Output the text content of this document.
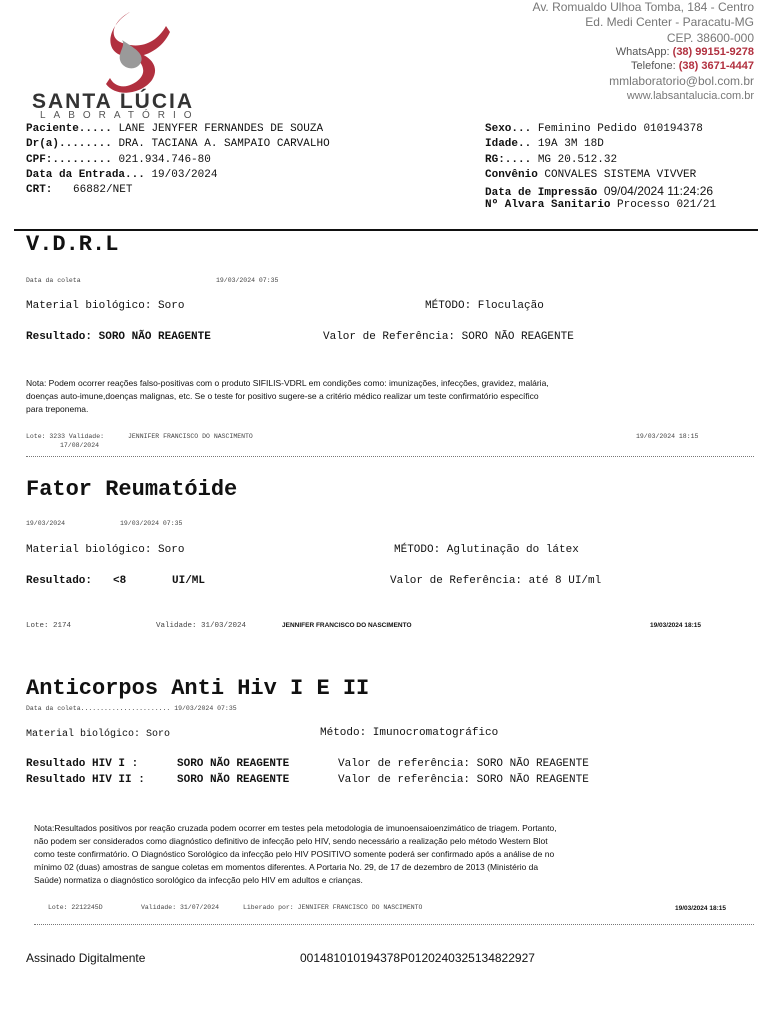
SANTA LÚCIA
LABORATÓRIO
Av. Romualdo Ulhoa Tomba, 184 - Centro
Ed. Medi Center - Paracatu-MG
CEP. 38600-000
WhatsApp: (38) 99151-9278
Telefone: (38) 3671-4447
mmlaboratorio@bol.com.br
www.labsantalucia.com.br
Paciente..... LANE JENYFER FERNANDES DE SOUZA
Dr(a)........ DRA. TACIANA A. SAMPAIO CARVALHO
CPF:......... 021.934.746-80
Data da Entrada... 19/03/2024
CRT: 66882/NET
Sexo... Feminino Pedido 010194378
Idade.. 19A 3M 18D
RG:.... MG 20.512.32
Convênio CONVALES SISTEMA VIVVER
Data de Impressão 09/04/2024 11:24:26
Nº Alvara Sanitario Processo 021/21
V.D.R.L
Data da coleta	19/03/2024 07:35
Material biológico: Soro	MÉTODO: Floculação
Resultado: SORO NÃO REAGENTE	Valor de Referência: SORO NÃO REAGENTE
Nota: Podem ocorrer reações falso-positivas com o produto SIFILIS-VDRL em condições como: imunizações, infecções, gravidez, malária,
doenças auto-imune,doenças malignas, etc. Se o teste for positivo sugere-se a critério médico realizar um teste confirmatório específico
para treponema.
Lote: 3233 Validade:
17/08/2024
JENNIFER FRANCISCO DO NASCIMENTO	19/03/2024 18:15
Fator Reumatóide
19/03/2024	19/03/2024 07:35
Material biológico: Soro	MÉTODO: Aglutinação do látex
Resultado: <8	UI/ML	Valor de Referência: até 8 UI/ml
Lote: 2174	Validade: 31/03/2024	JENNIFER FRANCISCO DO NASCIMENTO	19/03/2024 18:15
Anticorpos Anti Hiv I E II
Data da coleta....................... 19/03/2024 07:35
Material biológico: Soro	Método: Imunocromatográfico
Resultado HIV I :	SORO NÃO REAGENTE	Valor de referência: SORO NÃO REAGENTE
Resultado HIV II :	SORO NÃO REAGENTE	Valor de referência: SORO NÃO REAGENTE
Nota:Resultados positivos por reação cruzada podem ocorrer em testes pela metodologia de imunoensaioenzimático de triagem. Portanto,
não podem ser considerados como diagnóstico definitivo de infecção pelo HIV, sendo necessário a realização pelo método Western Blot
como teste confirmatório. O Diagnóstico Sorológico da infecção pelo HIV POSITIVO somente poderá ser confirmado após a análise de no
mínimo 02 (duas) amostras de sangue coletas em momentos diferentes. A Portaria No. 29, de 17 de dezembro de 2013 (Ministério da
Saúde) normatiza o diagnóstico sorológico da infecção pelo HIV em adultos e crianças.
Lote: 2212245D	Validade: 31/07/2024	Liberado por: JENNIFER FRANCISCO DO NASCIMENTO	19/03/2024 18:15
Assinado Digitalmente	001481010194378P0120240325134822927
